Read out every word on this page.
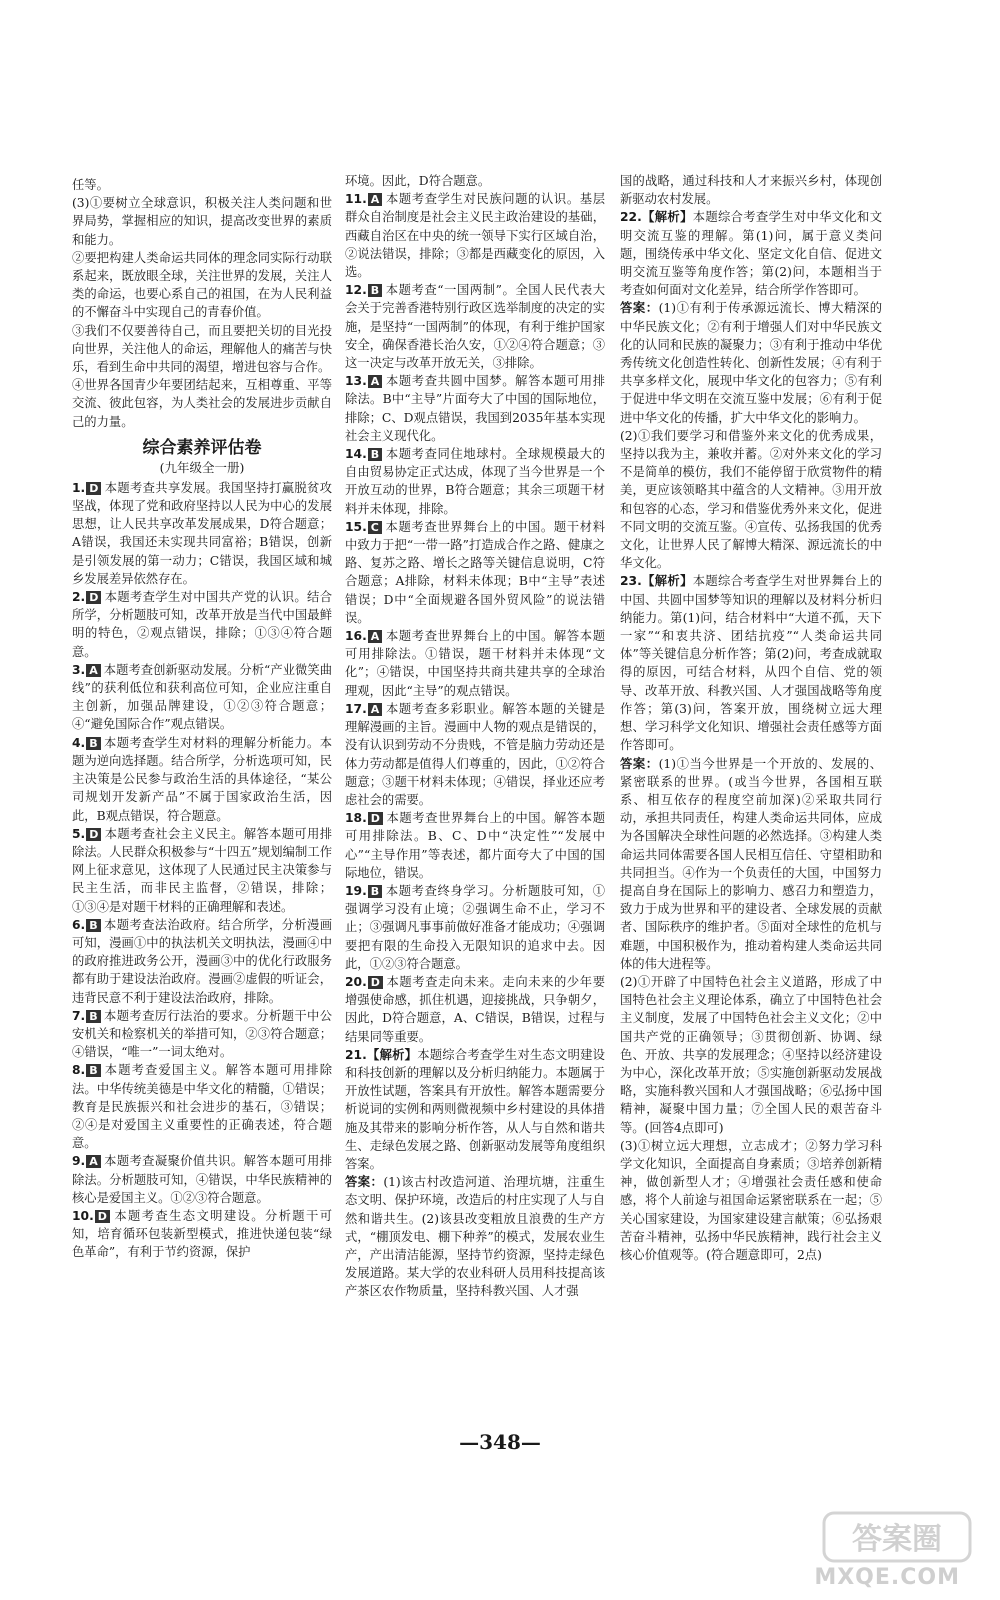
任等。

(3)①要树立全球意识，积极关注人类问题和世界局势，掌握相应的知识，提高改变世界的素质和能力。

②要把构建人类命运共同体的理念同实际行动联系起来，既放眼全球，关注世界的发展，关注人类的命运，也要心系自己的祖国，在为人民利益的不懈奋斗中实现自己的青春价值。

③我们不仅要善待自己，而且要把关切的目光投向世界，关注他人的命运，理解他人的痛苦与快乐，看到生命中共同的渴望，增进包容与合作。

④世界各国青少年要团结起来，互相尊重、平等交流、彼此包容，为人类社会的发展进步贡献自己的力量。

综合素养评估卷
(九年级全一册)

1. D 本题考查共享发展。我国坚持打赢脱贫攻坚战，体现了党和政府坚持以人民为中心的发展思想，让人民共享改革发展成果，D符合题意；A错误，我国还未实现共同富裕；B错误，创新是引领发展的第一动力；C错误，我国区域和城乡发展差异依然存在。

2. D 本题考查学生对中国共产党的认识。结合所学，分析题肢可知，改革开放是当代中国最鲜明的特色，②观点错误，排除；①③④符合题意。

3. A 本题考查创新驱动发展。分析“产业微笑曲线”的获利低位和获利高位可知，企业应注重自主创新，加强品牌建设，①②③符合题意；④“避免国际合作”观点错误。

4. B 本题考查学生对材料的理解分析能力。本题为逆向选择题。结合所学，分析选项可知，民主决策是公民参与政治生活的具体途径，“某公司规划开发新产品”不属于国家政治生活，因此，B观点错误，符合题意。

5. D 本题考查社会主义民主。解答本题可用排除法。人民群众积极参与“十四五”规划编制工作网上征求意见，这体现了人民通过民主决策参与民主生活，而非民主监督，②错误，排除；①③④是对题干材料的正确理解和表述。

6. B 本题考查法治政府。结合所学，分析漫画可知，漫画①中的执法机关文明执法，漫画④中的政府推进政务公开，漫画③中的优化行政服务都有助于建设法治政府。漫画②虚假的听证会，违背民意不利于建设法治政府，排除。

7. B 本题考查厉行法治的要求。分析题干中公安机关和检察机关的举措可知，②③符合题意；④错误，“唯一”一词太绝对。

8. B 本题考查爱国主义。解答本题可用排除法。中华传统美德是中华文化的精髓，①错误；教育是民族振兴和社会进步的基石，③错误；②④是对爱国主义重要性的正确表述，符合题意。

9. A 本题考查凝聚价值共识。解答本题可用排除法。分析题肢可知，④错误，中华民族精神的核心是爱国主义。①②③符合题意。

10. D 本题考查生态文明建设。分析题干可知，培育循环包装新型模式，推进快递包装“绿色革命”，有利于节约资源，保护

环境。因此，D符合题意。

11. A 本题考查学生对民族问题的认识。基层群众自治制度是社会主义民主政治建设的基础，西藏自治区在中央的统一领导下实行区域自治，②说法错误，排除；③都是西藏变化的原因，入选。

12. B 本题考查“一国两制”。全国人民代表大会关于完善香港特别行政区选举制度的决定的实施，是坚持“一国两制”的体现，有利于维护国家安全，确保香港长治久安，①②④符合题意；③这一决定与改革开放无关，③排除。

13. A 本题考查共圆中国梦。解答本题可用排除法。B中“主导”片面夸大了中国的国际地位，排除；C、D观点错误，我国到2035年基本实现社会主义现代化。

14. B 本题考查同住地球村。全球规模最大的自由贸易协定正式达成，体现了当今世界是一个开放互动的世界，B符合题意；其余三项题干材料并未体现，排除。

15. C 本题考查世界舞台上的中国。题干材料中致力于把“一带一路”打造成合作之路、健康之路、复苏之路、增长之路等关键信息说明，C符合题意；A排除，材料未体现；B中“主导”表述错误；D中“全面规避各国外贸风险”的说法错误。

16. A 本题考查世界舞台上的中国。解答本题可用排除法。①错误，题干材料并未体现“文化”；④错误，中国坚持共商共建共享的全球治理观，因此“主导”的观点错误。

17. A 本题考查多彩职业。解答本题的关键是理解漫画的主旨。漫画中人物的观点是错误的，没有认识到劳动不分贵贱，不管是脑力劳动还是体力劳动都是值得人们尊重的，因此，①②符合题意；③题干材料未体现；④错误，择业还应考虑社会的需要。

18. D 本题考查世界舞台上的中国。解答本题可用排除法。B、C、D中“决定性”“发展中心”“主导作用”等表述，都片面夸大了中国的国际地位，错误。

19. B 本题考查终身学习。分析题肢可知，①强调学习没有止境；②强调生命不止，学习不止；③强调凡事事前做好准备才能成功；④强调要把有限的生命投入无限知识的追求中去。因此，①②③符合题意。

20. D 本题考查走向未来。走向未来的少年要增强使命感，抓住机遇，迎接挑战，只争朝夕，因此，D符合题意，A、C错误，B错误，过程与结果同等重要。

21.【解析】本题综合考查学生对生态文明建设和科技创新的理解以及分析归纳能力。本题属于开放性试题，答案具有开放性。解答本题需要分析说词的实例和两则微视频中乡村建设的具体措施及其带来的影响分析作答，从人与自然和谐共生、走绿色发展之路、创新驱动发展等角度组织答案。

答案：(1)该古村改造河道、治理坑塘，注重生态文明、保护环境，改造后的村庄实现了人与自然和谐共生。(2)该县改变粗放且浪费的生产方式，“棚顶发电、棚下种养”的模式，发展农业生产，产出清洁能源，坚持节约资源，坚持走绿色发展道路。某大学的农业科研人员用科技提高该产茶区农作物质量，坚持科教兴国、人才强

国的战略，通过科技和人才来振兴乡村，体现创新驱动农村发展。

22.【解析】本题综合考查学生对中华文化和文明交流互鉴的理解。第(1)问，属于意义类问题，围绕传承中华文化、坚定文化自信、促进文明交流互鉴等角度作答；第(2)问，本题相当于考查如何面对文化差异，结合所学作答即可。

答案：(1)①有利于传承源远流长、博大精深的中华民族文化；②有利于增强人们对中华民族文化的认同和民族的凝聚力；③有利于推动中华优秀传统文化创造性转化、创新性发展；④有利于共享多样文化，展现中华文化的包容力；⑤有利于促进中华文明在交流互鉴中发展；⑥有利于促进中华文化的传播，扩大中华文化的影响力。

(2)①我们要学习和借鉴外来文化的优秀成果，坚持以我为主，兼收并蓄。②对外来文化的学习不是简单的模仿，我们不能停留于欣赏物件的精美，更应该领略其中蕴含的人文精神。③用开放和包容的心态，学习和借鉴优秀外来文化，促进不同文明的交流互鉴。④宣传、弘扬我国的优秀文化，让世界人民了解博大精深、源远流长的中华文化。

23.【解析】本题综合考查学生对世界舞台上的中国、共圆中国梦等知识的理解以及材料分析归纳能力。第(1)问，结合材料中“大道不孤，天下一家”“和衷共济、团结抗疫”“人类命运共同体”等关键信息分析作答；第(2)问，考查成就取得的原因，可结合材料，从四个自信、党的领导、改革开放、科教兴国、人才强国战略等角度作答；第(3)问，答案开放，围绕树立远大理想、学习科学文化知识、增强社会责任感等方面作答即可。

答案：(1)①当今世界是一个开放的、发展的、紧密联系的世界。(或当今世界，各国相互联系、相互依存的程度空前加深)②采取共同行动，承担共同责任，构建人类命运共同体，应成为各国解决全球性问题的必然选择。③构建人类命运共同体需要各国人民相互信任、守望相助和共同担当。④作为一个负责任的大国，中国努力提高自身在国际上的影响力、感召力和塑造力，致力于成为世界和平的建设者、全球发展的贡献者、国际秩序的维护者。⑤面对全球性的危机与难题，中国积极作为，推动着构建人类命运共同体的伟大进程等。

(2)①开辟了中国特色社会主义道路，形成了中国特色社会主义理论体系，确立了中国特色社会主义制度，发展了中国特色社会主义文化；②中国共产党的正确领导；③贯彻创新、协调、绿色、开放、共享的发展理念；④坚持以经济建设为中心，深化改革开放；⑤实施创新驱动发展战略，实施科教兴国和人才强国战略；⑥弘扬中国精神，凝聚中国力量；⑦全国人民的艰苦奋斗等。(回答4点即可)

(3)①树立远大理想，立志成才；②努力学习科学文化知识，全面提高自身素质；③培养创新精神，做创新型人才；④增强社会责任感和使命感，将个人前途与祖国命运紧密联系在一起；⑤关心国家建设，为国家建设建言献策；⑥弘扬艰苦奋斗精神，弘扬中华民族精神，践行社会主义核心价值观等。(符合题意即可，2点)

—348—
答案圈
MXQE.COM
